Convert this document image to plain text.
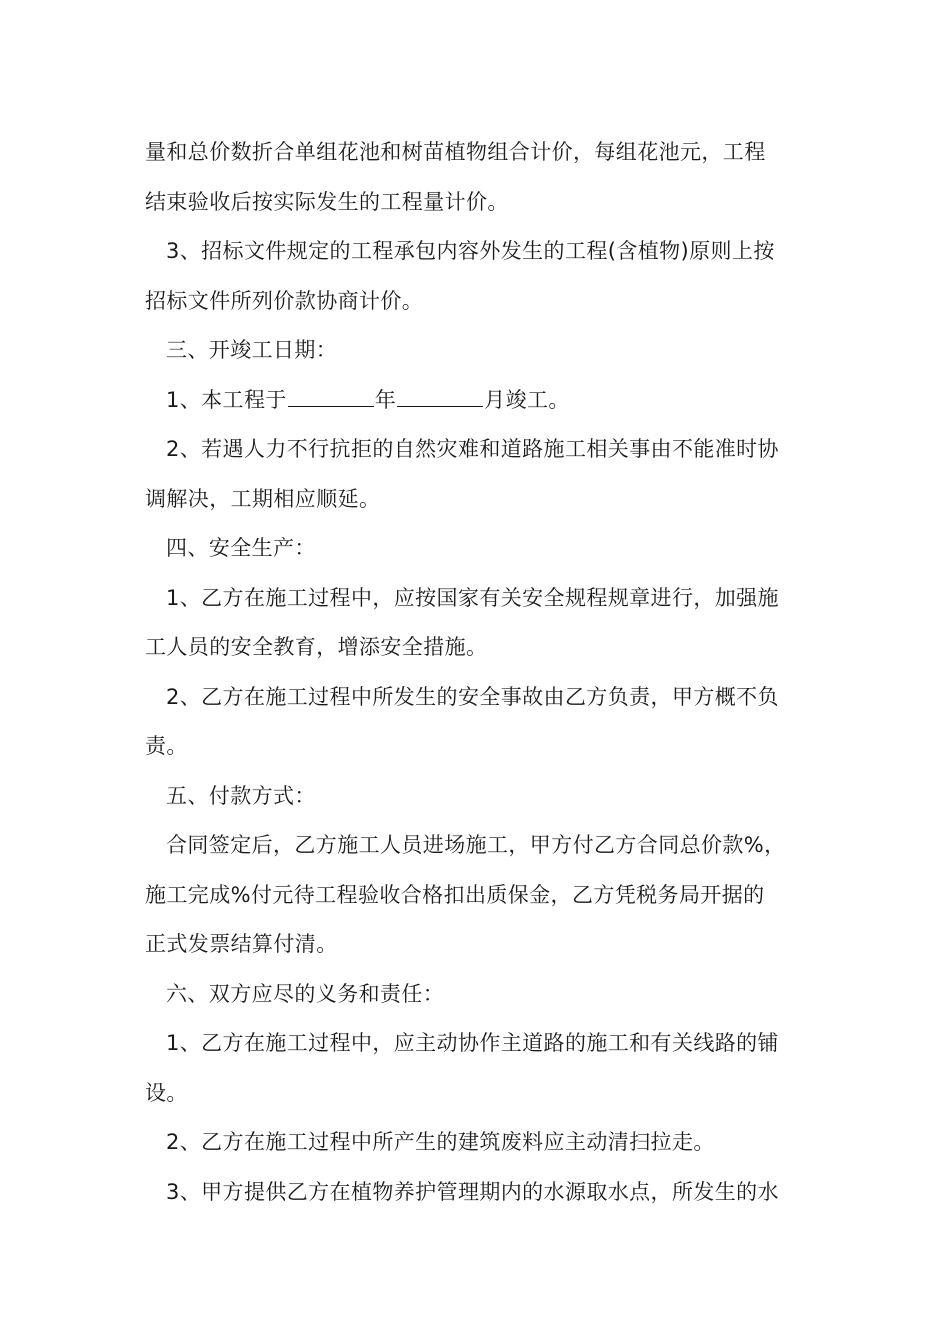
量和总价数折合单组花池和树苗植物组合计价，每组花池元，工程
结束验收后按实际发生的工程量计价。
3、招标文件规定的工程承包内容外发生的工程(含植物)原则上按
招标文件所列价款协商计价。
三、开竣工日期：
1、本工程于	年	月竣工。
2、若遇人力不行抗拒的自然灾难和道路施工相关事由不能准时协
调解决，工期相应顺延。
四、安全生产：
1、乙方在施工过程中，应按国家有关安全规程规章进行，加强施
工人员的安全教育，增添安全措施。
2、乙方在施工过程中所发生的安全事故由乙方负责，甲方概不负
责。
五、付款方式：
合同签定后，乙方施工人员进场施工，甲方付乙方合同总价款%，
施工完成%付元待工程验收合格扣出质保金，乙方凭税务局开据的
正式发票结算付清。
六、双方应尽的义务和责任：
1、乙方在施工过程中，应主动协作主道路的施工和有关线路的铺
设。
2、乙方在施工过程中所产生的建筑废料应主动清扫拉走。
3、甲方提供乙方在植物养护管理期内的水源取水点，所发生的水
